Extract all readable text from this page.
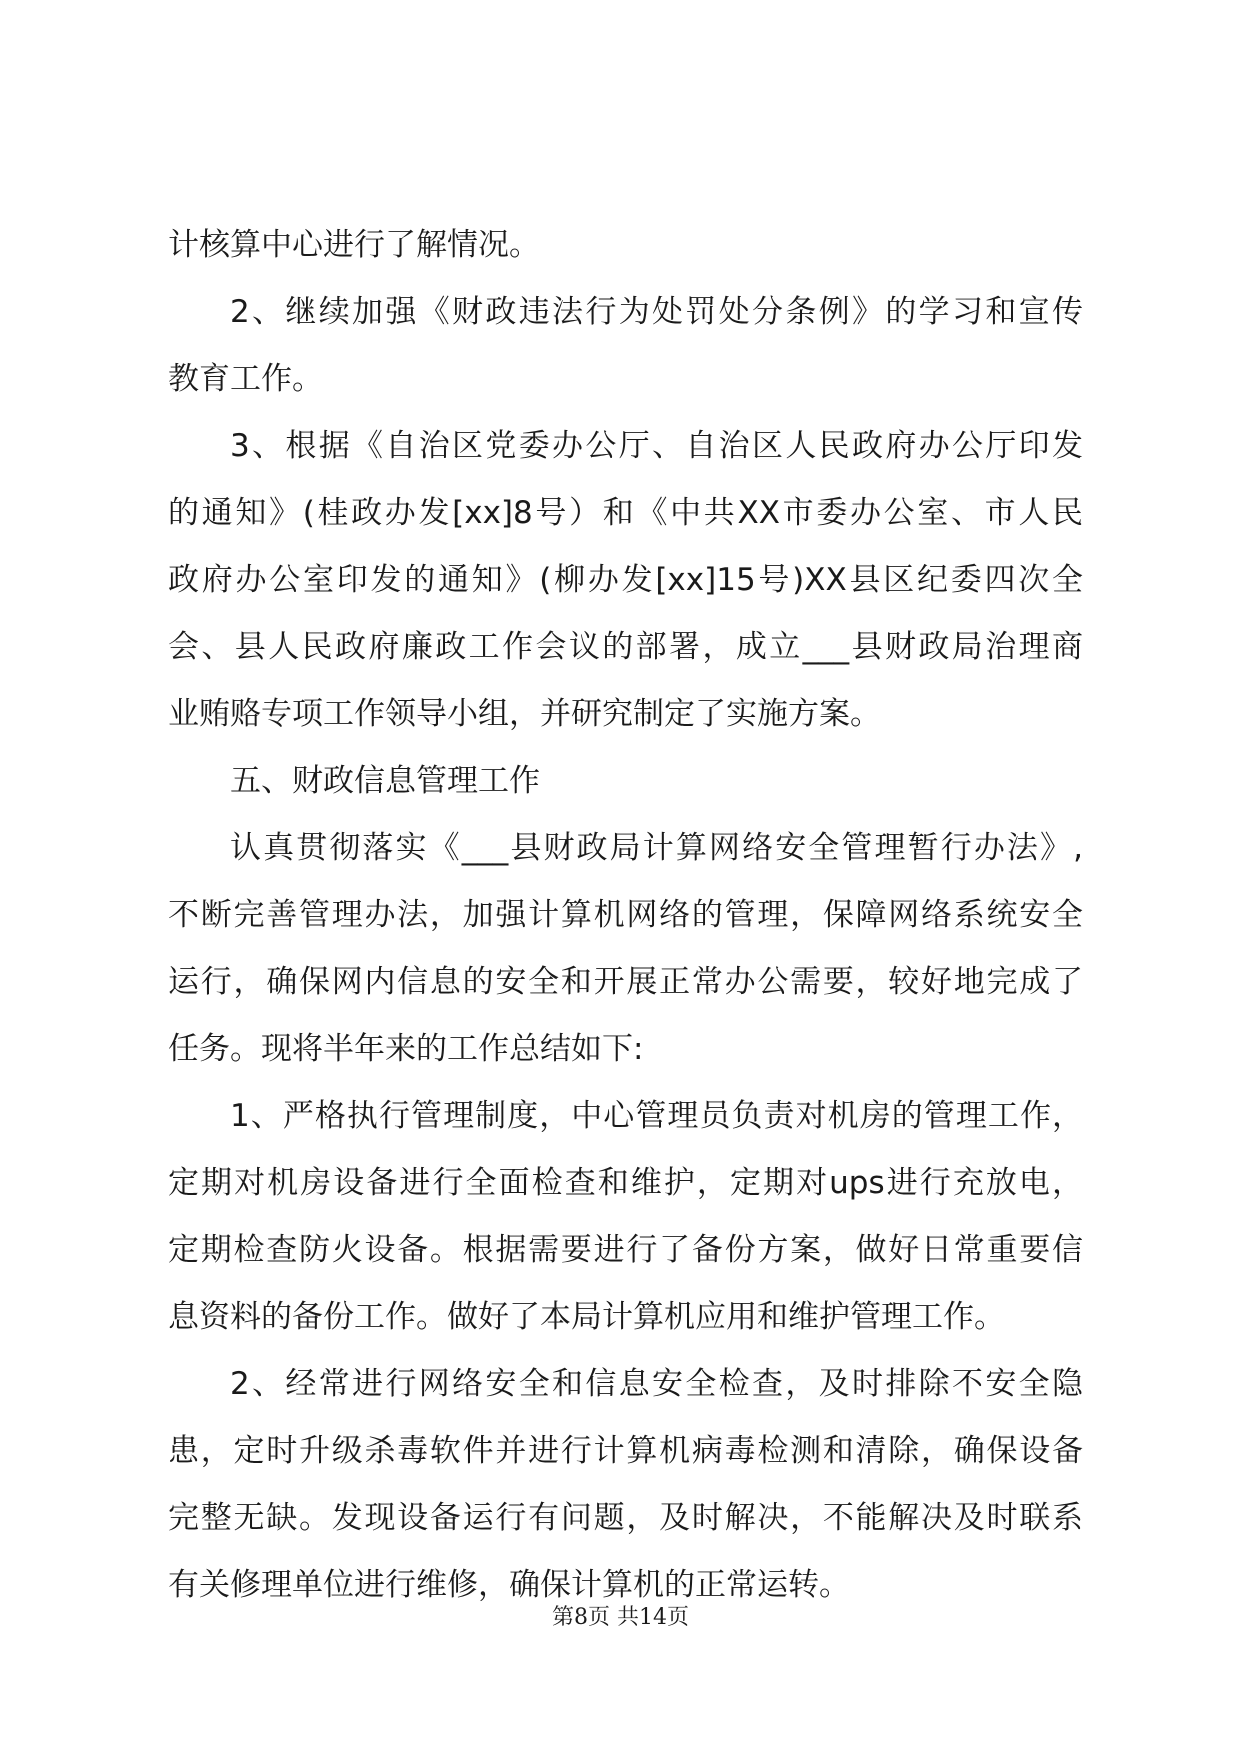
计核算中心进行了解情况。
2、继续加强《财政违法行为处罚处分条例》的学习和宣传
教育工作。
3、根据《自治区党委办公厅、自治区人民政府办公厅印发
的通知》(桂政办发[xx]8号）和《中共XX市委办公室、市人民
政府办公室印发的通知》(柳办发[xx]15号)XX县区纪委四次全
会、县人民政府廉政工作会议的部署，成立___县财政局治理商
业贿赂专项工作领导小组，并研究制定了实施方案。
五、财政信息管理工作
认真贯彻落实《___县财政局计算网络安全管理暂行办法》,
不断完善管理办法，加强计算机网络的管理，保障网络系统安全
运行，确保网内信息的安全和开展正常办公需要，较好地完成了
任务。现将半年来的工作总结如下:
1、严格执行管理制度，中心管理员负责对机房的管理工作，
定期对机房设备进行全面检查和维护，定期对ups进行充放电，
定期检查防火设备。根据需要进行了备份方案，做好日常重要信
息资料的备份工作。做好了本局计算机应用和维护管理工作。
2、经常进行网络安全和信息安全检查，及时排除不安全隐
患，定时升级杀毒软件并进行计算机病毒检测和清除，确保设备
完整无缺。发现设备运行有问题，及时解决，不能解决及时联系
有关修理单位进行维修，确保计算机的正常运转。
第8页 共14页
